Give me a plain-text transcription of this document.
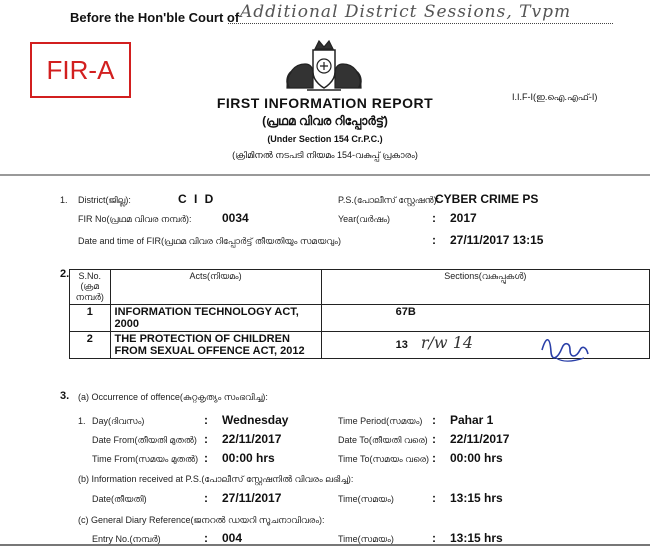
Before the Hon'ble Court of Additional District Sessions, Tvpm
FIR-A
I.I.F-I(ഇ.ഐ.എഫ്-I)
FIRST INFORMATION REPORT
(പ്രഥമ വിവര റിപ്പോർട്ട്)
(Under Section 154 Cr.P.C.)
(ക്രിമിനൽ നടപടി നിയമം 154-വകുപ്പ് പ്രകാരം)
1. District(ജില്ല):	C I D	P.S.(പോലീസ് സ്റ്റേഷൻ):
CYBER CRIME PS
FIR No(പ്രഥമ വിവര നമ്പർ):	0034	Year(വർഷം)	2017
:
Date and time of FIR(പ്രഥമ വിവര റിപ്പോർട്ട് തീയതിയും സമയവും)	: 27/11/2017 13:15
2. S.No.
(ക്രമ നമ്പർ)	Acts(നിയമം)	Sections(വകുപ്പുകൾ)
1	INFORMATION TECHNOLOGY ACT, 2000	67B
2	THE PROTECTION OF CHILDREN FROM SEXUAL OFFENCE ACT, 2012	13 r/w 14
3. (a) Occurrence of offence(കുറ്റകൃത്യം സംഭവിച്ച):
1. Day(ദിവസം)	: Wednesday	Time Period(സമയം) : Pahar 1
Date From(തീയതി മുതൽ) : 22/11/2017	Date To(തീയതി വരെ) : 22/11/2017
Time From(സമയം മുതൽ) : 00:00 hrs	Time To(സമയം വരെ) : 00:00 hrs
(b) Information received at P.S.(പോലീസ് സ്റ്റേഷനിൽ വിവരം ലഭിച്ച):
Date(തീയതി)	: 27/11/2017	Time(സമയം)	: 13:15 hrs
(c) General Diary Reference(ജനറൽ ഡയറി സൂചനാവിവരം):
Entry No.(നമ്പർ)	: 004	Time(സമയം)	: 13:15 hrs
